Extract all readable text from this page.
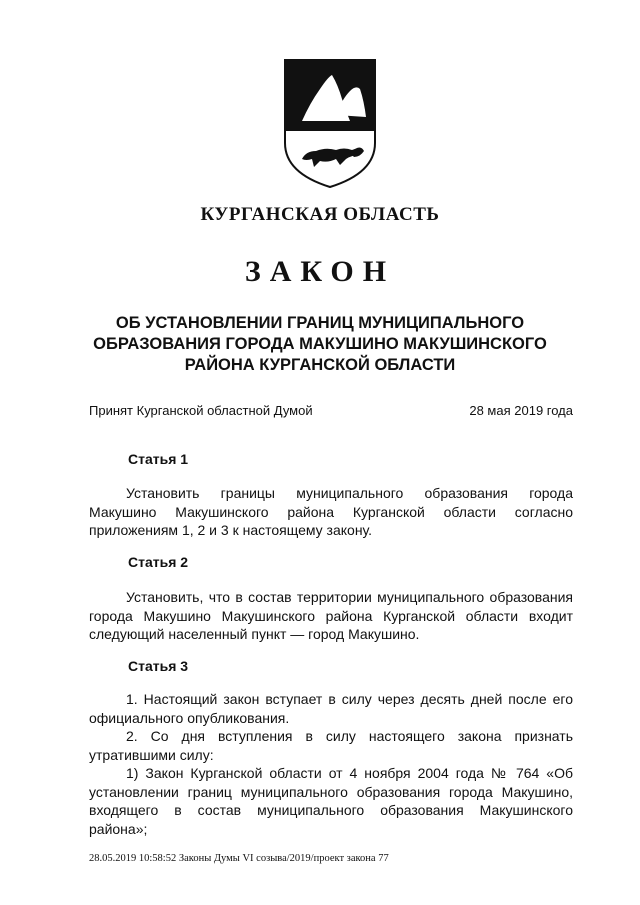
КУРГАНСКАЯ ОБЛАСТЬ
ЗАКОН
ОБ УСТАНОВЛЕНИИ ГРАНИЦ МУНИЦИПАЛЬНОГО ОБРАЗОВАНИЯ ГОРОДА МАКУШИНО МАКУШИНСКОГО РАЙОНА КУРГАНСКОЙ ОБЛАСТИ
Принят Курганской областной Думой	28 мая 2019 года
Статья 1

Установить границы муниципального образования города Макушино Макушинского района Курганской области согласно приложениям 1, 2 и 3 к настоящему закону.

Статья 2

Установить, что в состав территории муниципального образования города Макушино Макушинского района Курганской области входит следующий населенный пункт — город Макушино.

Статья 3

1. Настоящий закон вступает в силу через десять дней после его официального опубликования.

2. Со дня вступления в силу настоящего закона признать утратившими силу:

1) Закон Курганской области от 4 ноября 2004 года № 764 «Об установлении границ муниципального образования города Макушино, входящего в состав муниципального образования Макушинского района»;

28.05.2019 10:58:52 Законы Думы VI созыва/2019/проект закона 77
